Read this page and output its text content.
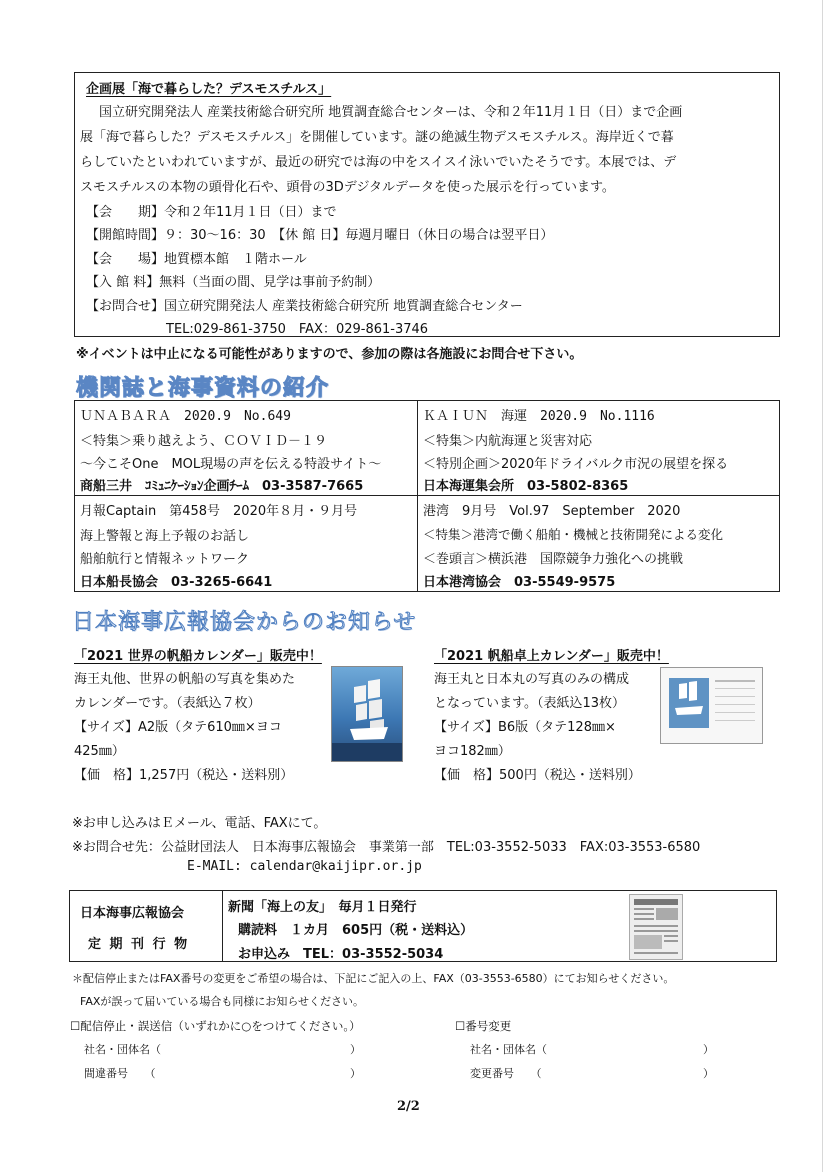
企画展「海で暮らした？デスモスチルス」
　国立研究開発法人 産業技術総合研究所 地質調査総合センターは、令和２年11月１日（日）まで企画
展「海で暮らした？デスモスチルス」を開催しています。謎の絶滅生物デスモスチルス。海岸近くで暮
らしていたといわれていますが、最近の研究では海の中をスイスイ泳いでいたそうです。本展では、デ
スモスチルスの本物の頭骨化石や、頭骨の3Dデジタルデータを使った展示を行っています。
【会　　期】令和２年11月１日（日）まで
【開館時間】９：30～16：30　【休 館 日】毎週月曜日（休日の場合は翌平日）
【会　　場】地質標本館　１階ホール
【入 館 料】無料（当面の間、見学は事前予約制）
【お問合せ】国立研究開発法人 産業技術総合研究所 地質調査総合センター
TEL:029-861-3750　FAX：029-861-3746
※イベントは中止になる可能性がありますので、参加の際は各施設にお問合せ下さい。
機関誌と海事資料の紹介
ＵＮＡＢＡＲＡ　2020.9　No.649
＜特集＞乗り越えよう、ＣＯＶＩＤ－１９
～今こそOne　MOL現場の声を伝える特設サイト～
商船三井　ｺﾐｭﾆｹｰｼｮﾝ企画ﾁｰﾑ　03-3587-7665
ＫＡＩＵＮ　海運　2020.9　No.1116
＜特集＞内航海運と災害対応
＜特別企画＞2020年ドライバルク市況の展望を探る
日本海運集会所　03-5802-8365
月報Captain　第458号　2020年８月・９月号
海上警報と海上予報のお話し
船舶航行と情報ネットワーク
日本船長協会　03-3265-6641
港湾　9月号　Vol.97　September　2020
＜特集＞港湾で働く船舶・機械と技術開発による変化
＜巻頭言＞横浜港　国際競争力強化への挑戦
日本港湾協会　03-5549-9575
日本海事広報協会からのお知らせ
「2021 世界の帆船カレンダー」販売中！
海王丸他、世界の帆船の写真を集めた
カレンダーです。（表紙込７枚）
【サイズ】A2版（タテ610㎜×ヨコ
425㎜）
【価　格】1,257円（税込・送料別）
「2021 帆船卓上カレンダー」販売中！
海王丸と日本丸の写真のみの構成
となっています。（表紙込13枚）
【サイズ】B6版（タテ128㎜×
ヨコ182㎜）
【価　格】500円（税込・送料別）
※お申し込みはＥメール、電話、FAXにて。
※お問合せ先：公益財団法人　日本海事広報協会　事業第一部　TEL:03-3552-5033　FAX:03-3553-6580
E-MAIL: calendar@kaijipr.or.jp
日本海事広報協会
定 期 刊 行 物
新聞「海上の友」　毎月１日発行
購読料　１カ月　605円（税・送料込）
お申込み　TEL：03-3552-5034
＊配信停止またはFAX番号の変更をご希望の場合は、下記にご記入の上、FAX（03-3553-6580）にてお知らせください。
FAXが誤って届いている場合も同様にお知らせください。
☐配信停止・誤送信（いずれかに○をつけてください。）	☐番号変更
社名・団体名（	）
間違番号　　（	）
社名・団体名（	）
変更番号　　（	）
2/2
